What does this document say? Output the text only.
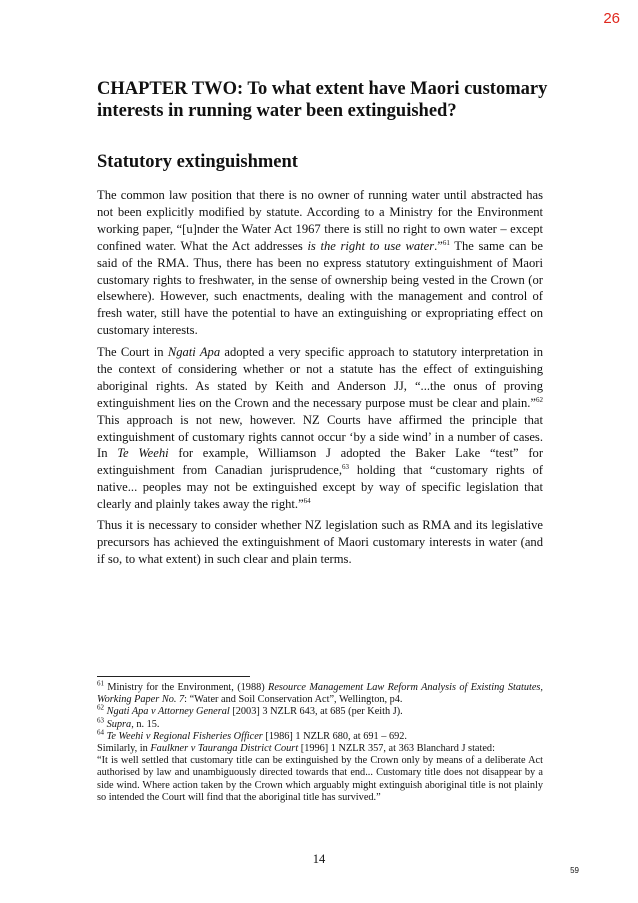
26
CHAPTER TWO: To what extent have Maori customary interests in running water been extinguished?
Statutory extinguishment

The common law position that there is no owner of running water until abstracted has not been explicitly modified by statute. According to a Ministry for the Environment working paper, “[u]nder the Water Act 1967 there is still no right to own water – except confined water. What the Act addresses is the right to use water.”$^{61}$ The same can be said of the RMA. Thus, there has been no express statutory extinguishment of Maori customary rights to freshwater, in the sense of ownership being vested in the Crown (or elsewhere). However, such enactments, dealing with the management and control of fresh water, still have the potential to have an extinguishing or expropriating effect on customary interests.

The Court in Ngati Apa adopted a very specific approach to statutory interpretation in the context of considering whether or not a statute has the effect of extinguishing aboriginal rights. As stated by Keith and Anderson JJ, “...the onus of proving extinguishment lies on the Crown and the necessary purpose must be clear and plain.”$^{62}$ This approach is not new, however. NZ Courts have affirmed the principle that extinguishment of customary rights cannot occur ‘by a side wind’ in a number of cases. In Te Weehi for example, Williamson J adopted the Baker Lake “test” for extinguishment from Canadian jurisprudence,$^{63}$ holding that “customary rights of native... peoples may not be extinguished except by way of specific legislation that clearly and plainly takes away the right.”$^{64}$

Thus it is necessary to consider whether NZ legislation such as RMA and its legislative precursors has achieved the extinguishment of Maori customary interests in water (and if so, to what extent) in such clear and plain terms.

$^{61}$ Ministry for the Environment, (1988) Resource Management Law Reform Analysis of Existing Statutes, Working Paper No. 7: “Water and Soil Conservation Act”, Wellington, p4.

$^{62}$ Ngati Apa v Attorney General [2003] 3 NZLR 643, at 685 (per Keith J).

$^{63}$ Supra, n. 15.

$^{64}$ Te Weehi v Regional Fisheries Officer [1986] 1 NZLR 680, at 691 – 692.

Similarly, in Faulkner v Tauranga District Court [1996] 1 NZLR 357, at 363 Blanchard J stated:

“It is well settled that customary title can be extinguished by the Crown only by means of a deliberate Act authorised by law and unambiguously directed towards that end... Customary title does not disappear by a side wind. Where action taken by the Crown which arguably might extinguish aboriginal title is not plainly so intended the Court will find that the aboriginal title has survived.”

14
59
